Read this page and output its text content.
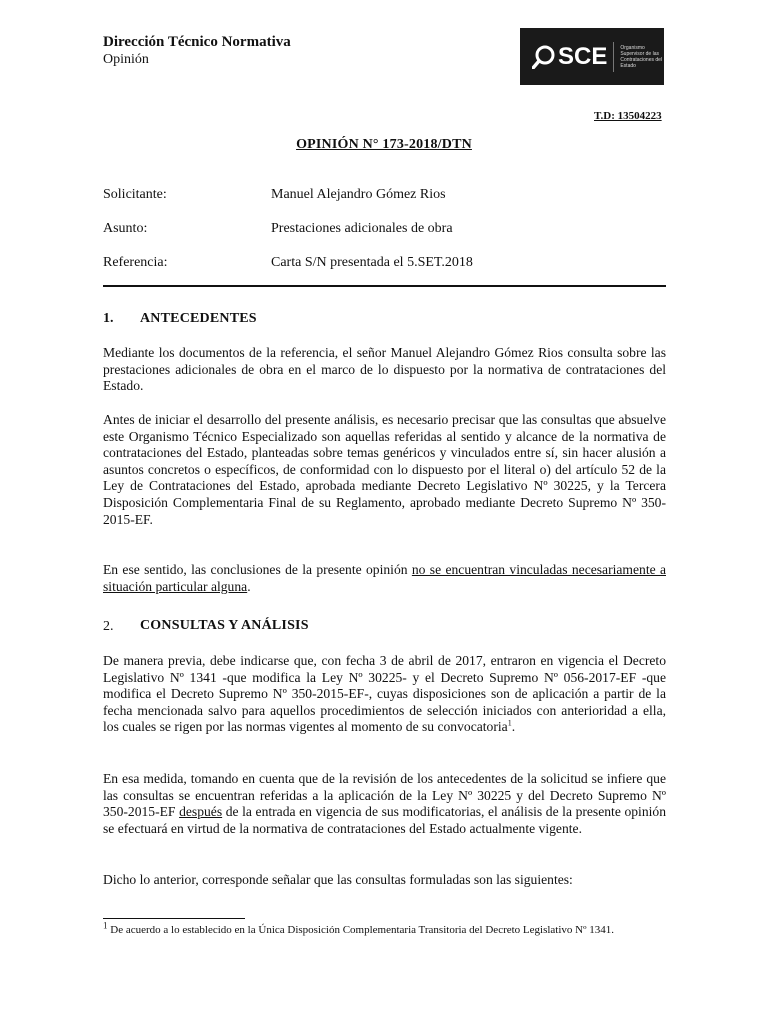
Dirección Técnico Normativa
Opinión	SCE	Organismo Supervisor de las Contrataciones del Estado
T.D: 13504223
OPINIÓN N° 173-2018/DTN
Solicitante:	Manuel Alejandro Gómez Rios
Asunto:	Prestaciones adicionales de obra
Referencia:	Carta S/N presentada el 5.SET.2018
1. ANTECEDENTES
Mediante los documentos de la referencia, el señor Manuel Alejandro Gómez Rios consulta sobre las prestaciones adicionales de obra en el marco de lo dispuesto por la normativa de contrataciones del Estado.
Antes de iniciar el desarrollo del presente análisis, es necesario precisar que las consultas que absuelve este Organismo Técnico Especializado son aquellas referidas al sentido y alcance de la normativa de contrataciones del Estado, planteadas sobre temas genéricos y vinculados entre sí, sin hacer alusión a asuntos concretos o específicos, de conformidad con lo dispuesto por el literal o) del artículo 52 de la Ley de Contrataciones del Estado, aprobada mediante Decreto Legislativo Nº 30225, y la Tercera Disposición Complementaria Final de su Reglamento, aprobado mediante Decreto Supremo Nº 350-2015-EF.
En ese sentido, las conclusiones de la presente opinión no se encuentran vinculadas necesariamente a situación particular alguna.
2. CONSULTAS Y ANÁLISIS
De manera previa, debe indicarse que, con fecha 3 de abril de 2017, entraron en vigencia el Decreto Legislativo Nº 1341 -que modifica la Ley Nº 30225- y el Decreto Supremo Nº 056-2017-EF -que modifica el Decreto Supremo Nº 350-2015-EF-, cuyas disposiciones son de aplicación a partir de la fecha mencionada salvo para aquellos procedimientos de selección iniciados con anterioridad a ella, los cuales se rigen por las normas vigentes al momento de su convocatoria$^1$.
En esa medida, tomando en cuenta que de la revisión de los antecedentes de la solicitud se infiere que las consultas se encuentran referidas a la aplicación de la Ley Nº 30225 y del Decreto Supremo Nº 350-2015-EF después de la entrada en vigencia de sus modificatorias, el análisis de la presente opinión se efectuará en virtud de la normativa de contrataciones del Estado actualmente vigente.
Dicho lo anterior, corresponde señalar que las consultas formuladas son las siguientes:
$^1$ De acuerdo a lo establecido en la Única Disposición Complementaria Transitoria del Decreto Legislativo Nº 1341.
